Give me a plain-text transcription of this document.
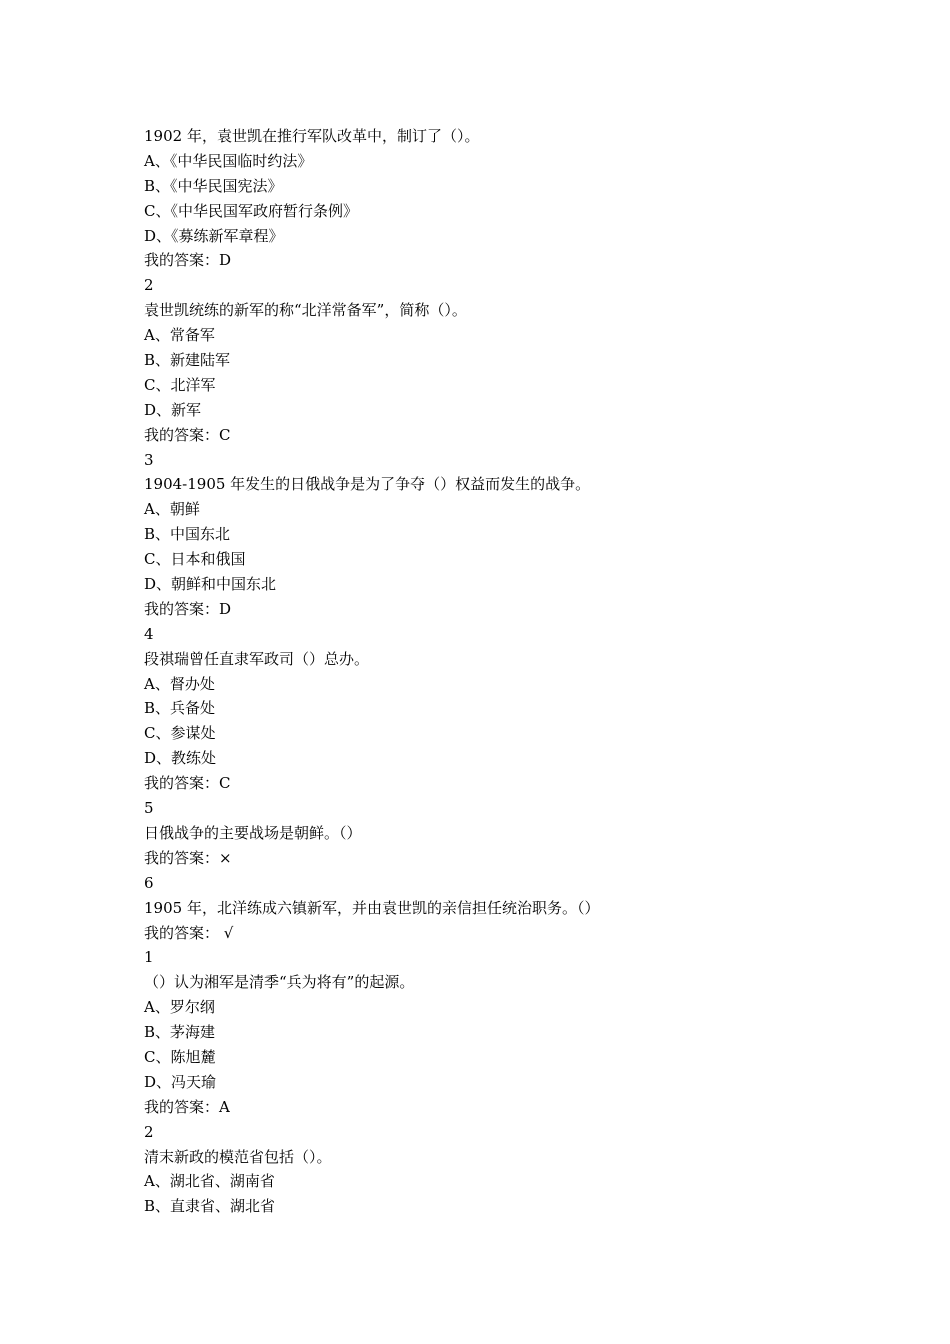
1902 年，袁世凯在推行军队改革中，制订了（）。
A、《中华民国临时约法》
B、《中华民国宪法》
C、《中华民国军政府暂行条例》
D、《募练新军章程》
我的答案：D
2
袁世凯统练的新军的称“北洋常备军”，简称（）。
A、常备军
B、新建陆军
C、北洋军
D、新军
我的答案：C
3
1904-1905 年发生的日俄战争是为了争夺（）权益而发生的战争。
A、朝鲜
B、中国东北
C、日本和俄国
D、朝鲜和中国东北
我的答案：D
4
段祺瑞曾任直隶军政司（）总办。
A、督办处
B、兵备处
C、参谋处
D、教练处
我的答案：C
5
日俄战争的主要战场是朝鲜。（）
我的答案：×
6
1905 年，北洋练成六镇新军，并由袁世凯的亲信担任统治职务。（）
我的答案： √
1
（）认为湘军是清季“兵为将有”的起源。
A、罗尔纲
B、茅海建
C、陈旭麓
D、冯天瑜
我的答案：A
2
清末新政的模范省包括（）。
A、湖北省、湖南省
B、直隶省、湖北省
